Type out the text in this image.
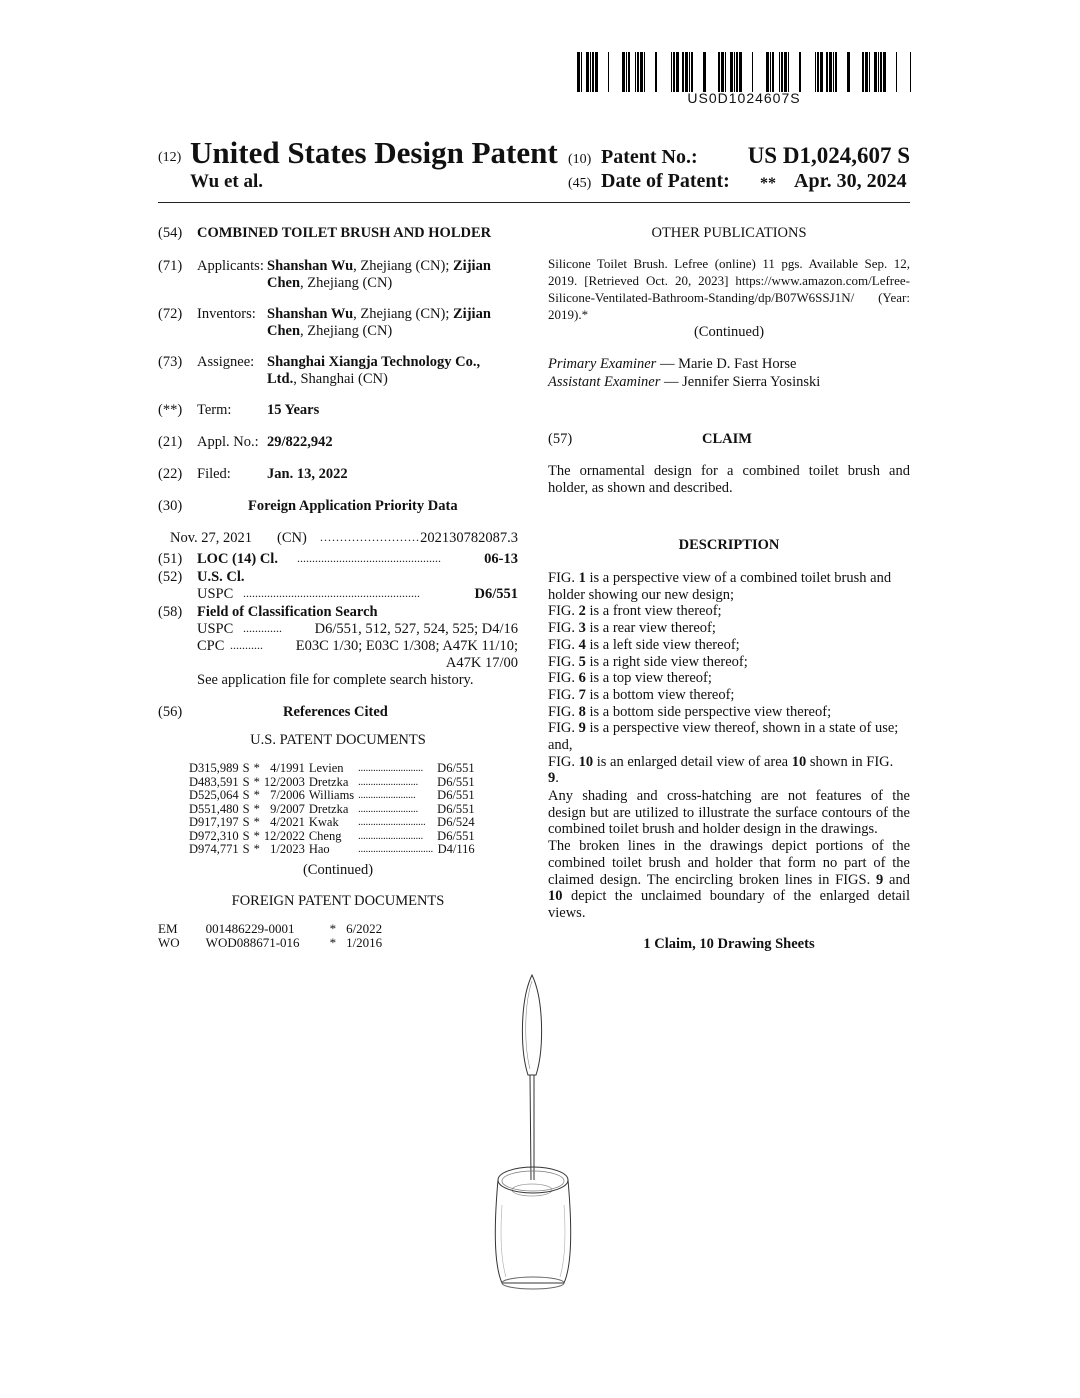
US0D1024607S
(12) United States Design Patent
Wu et al.
(10) Patent No.:	US D1,024,607 S
(45) Date of Patent: ** Apr. 30, 2024
(54) COMBINED TOILET BRUSH AND HOLDER
(71) Applicants: Shanshan Wu, Zhejiang (CN); Zijian
Chen, Zhejiang (CN)
(72) Inventors: Shanshan Wu, Zhejiang (CN); Zijian
Chen, Zhejiang (CN)
(73) Assignee: Shanghai Xiangja Technology Co.,
Ltd., Shanghai (CN)
(**) Term: 15 Years
(21) Appl. No.: 29/822,942
(22) Filed: Jan. 13, 2022
(30)	Foreign Application Priority Data
Nov. 27, 2021 (CN) ......................... 202130782087.3
(51) LOC (14) Cl. ................................................	06-13
(52) U.S. Cl.
USPC ...........................................................	D6/551
(58) Field of Classification Search
USPC .............	D6/551, 512, 527, 524, 525; D4/16
CPC ...........	E03C 1/30; E03C 1/308; A47K 11/10;
A47K 17/00
See application file for complete search history.
(56)	References Cited
U.S. PATENT DOCUMENTS
D315,989	S	*	4/1991	Levien	..........................	D6/551
D483,591	S	*	12/2003	Dretzka	........................	D6/551
D525,064	S	*	7/2006	Williams	.......................	D6/551
D551,480	S	*	9/2007	Dretzka	........................	D6/551
D917,197	S	*	4/2021	Kwak	...........................	D6/524
D972,310	S	*	12/2022	Cheng	..........................	D6/551
D974,771	S	*	1/2023	Hao	..............................	D4/116
(Continued)
FOREIGN PATENT DOCUMENTS
EM	001486229-0001	*	6/2022
WO	WOD088671-016	*	1/2016
OTHER PUBLICATIONS
Silicone Toilet Brush. Lefree (online) 11 pgs. Available Sep. 12,
2019. [Retrieved Oct. 20, 2023] https://www.amazon.com/Lefree-
Silicone-Ventilated-Bathroom-Standing/dp/B07W6SSJ1N/ (Year:
2019).*
(Continued)
Primary Examiner — Marie D. Fast Horse
Assistant Examiner — Jennifer Sierra Yosinski
(57)	CLAIM
The ornamental design for a combined toilet brush and
holder, as shown and described.
DESCRIPTION
FIG. 1 is a perspective view of a combined toilet brush and
holder showing our new design;
FIG. 2 is a front view thereof;
FIG. 3 is a rear view thereof;
FIG. 4 is a left side view thereof;
FIG. 5 is a right side view thereof;
FIG. 6 is a top view thereof;
FIG. 7 is a bottom view thereof;
FIG. 8 is a bottom side perspective view thereof;
FIG. 9 is a perspective view thereof, shown in a state of use;
and,
FIG. 10 is an enlarged detail view of area 10 shown in FIG.
9.
Any shading and cross-hatching are not features of the
design but are utilized to illustrate the surface contours of the
combined toilet brush and holder design in the drawings.
The broken lines in the drawings depict portions of the
combined toilet brush and holder that form no part of the
claimed design. The encircling broken lines in FIGS. 9 and
10 depict the unclaimed boundary of the enlarged detail
views.
1 Claim, 10 Drawing Sheets
